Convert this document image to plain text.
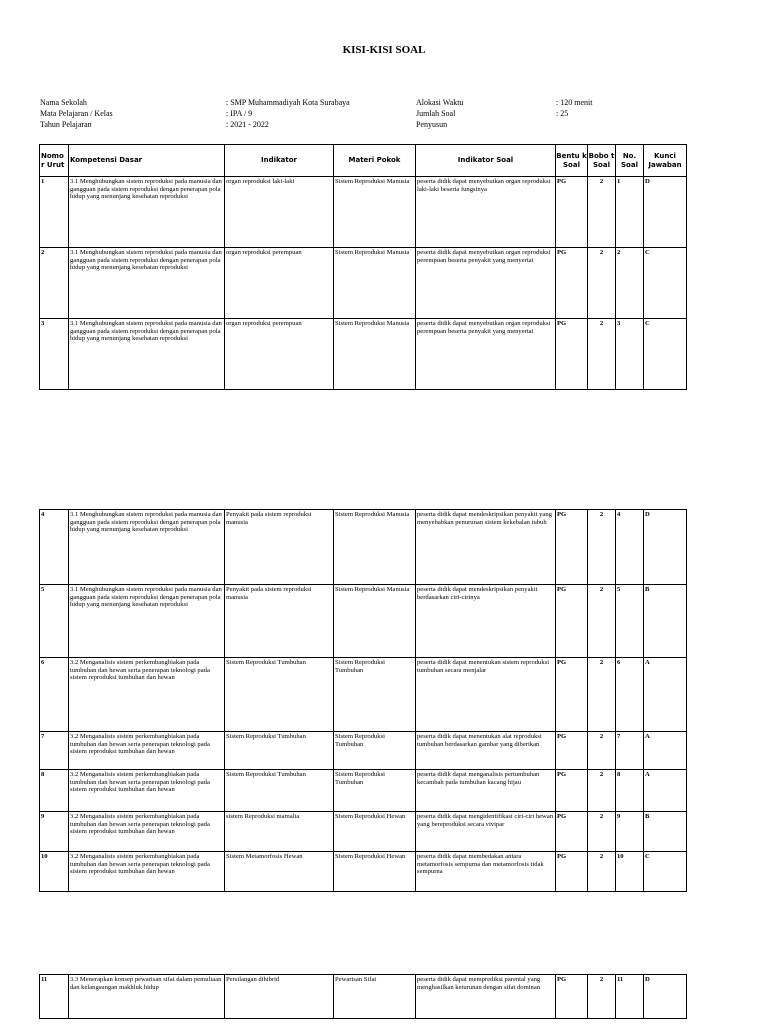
KISI-KISI SOAL
Nama Sekolah	: SMP Muhammadiyah Kota Surabaya
Mata Pelajaran / Kelas	: IPA / 9
Tahun Pelajaran	: 2021 - 2022
Alokasi Waktu	: 120 menit
Jumlah Soal	: 25
Penyusun
Nomo r Urut	Kompetensi Dasar	Indikator	Materi Pokok	Indikator Soal	Bentu k Soal	Bobo t Soal	No. Soal	Kunci Jawaban
1	3.1 Menghubungkan sistem reproduksi pada manusia dan gangguan pada sistem reproduksi dengan penerapan pola hidup yang menunjang kesehatan reproduksi	organ reproduksi laki-laki	Sistem Reproduksi Manusia	peserta didik dapat menyebutkan organ reproduksi laki-laki beserta fungsinya	PG	2	1	D
2	3.1 Menghubungkan sistem reproduksi pada manusia dan gangguan pada sistem reproduksi dengan penerapan pola hidup yang menunjang kesehatan reproduksi	organ reproduksi perempuan	Sistem Reproduksi Manusia	peserta didik dapat menyebutkan organ reproduksi perempuan beserta penyakit yang menyertai	PG	2	2	C
3	3.1 Menghubungkan sistem reproduksi pada manusia dan gangguan pada sistem reproduksi dengan penerapan pola hidup yang menunjang kesehatan reproduksi	organ reproduksi perempuan	Sistem Reproduksi Manusia	peserta didik dapat menyebutkan organ reproduksi perempuan beserta penyakit yang menyertai	PG	2	3	C
4	3.1 Menghubungkan sistem reproduksi pada manusia dan gangguan pada sistem reproduksi dengan penerapan pola hidup yang menunjang kesehatan reproduksi	Penyakit pada sistem reproduksi manusia	Sistem Reproduksi Manusia	peserta didik dapat mendeskripsikan penyakit yang menyebabkan penurunan sistem kekebalan tubuh	PG	2	4	D
5	3.1 Menghubungkan sistem reproduksi pada manusia dan gangguan pada sistem reproduksi dengan penerapan pola hidup yang menunjang kesehatan reproduksi	Penyakit pada sistem reproduksi manusia	Sistem Reproduksi Manusia	peserta didik dapat mendeskripsikan penyakit berdasarkan ciri-cirinya	PG	2	5	B
6	3.2 Menganalisis sistem perkembangbiakan pada tumbuhan dan hewan serta penerapan teknologi pada sistem reproduksi tumbuhan dan hewan	Sistem Reproduksi Tumbuhan	Sistem Reproduksi Tumbuhan	peserta didik dapat menentukan sistem reproduksi tumbuhan secara menjalar	PG	2	6	A
7	3.2 Menganalisis sistem perkembangbiakan pada tumbuhan dan hewan serta penerapan teknologi pada sistem reproduksi tumbuhan dan hewan	Sistem Reproduksi Tumbuhan	Sistem Reproduksi Tumbuhan	peserta didik dapat menentukan alat reproduksi tumbuhan berdasarkan gambar yang diberikan	PG	2	7	A
8	3.2 Menganalisis sistem perkembangbiakan pada tumbuhan dan hewan serta penerapan teknologi pada sistem reproduksi tumbuhan dan hewan	Sistem Reproduksi Tumbuhan	Sistem Reproduksi Tumbuhan	peserta didik dapat menganalisis pertumbuhan kecambah pada tumbuhan kacang hijau	PG	2	8	A
9	3.2 Menganalisis sistem perkembangbiakan pada tumbuhan dan hewan serta penerapan teknologi pada sistem reproduksi tumbuhan dan hewan	sistem Reproduksi mamalia	Sistem Reproduksi Hewan	peserta didik dapat mengidentifikasi ciri-ciri hewan yang bereproduksi secara vivipar	PG	2	9	B
10	3.2 Menganalisis sistem perkembangbiakan pada tumbuhan dan hewan serta penerapan teknologi pada sistem reproduksi tumbuhan dan hewan	Sistem Metamorfosis Hewan	Sistem Reproduksi Hewan	peserta didik dapat membedakan antara metamorfosis sempurna dan metamorfosis tidak sempurna	PG	2	10	C
11	3.3 Menerapkan konsep pewarisan sifat dalam pemuliaan dan kelangsungan makhluk hidup	Persilangan dihibrid	Pewarisan Sifat	peserta didik dapat memprediksi parental yang menghasilkan keturunan dengan sifat dominan	PG	2	11	D
